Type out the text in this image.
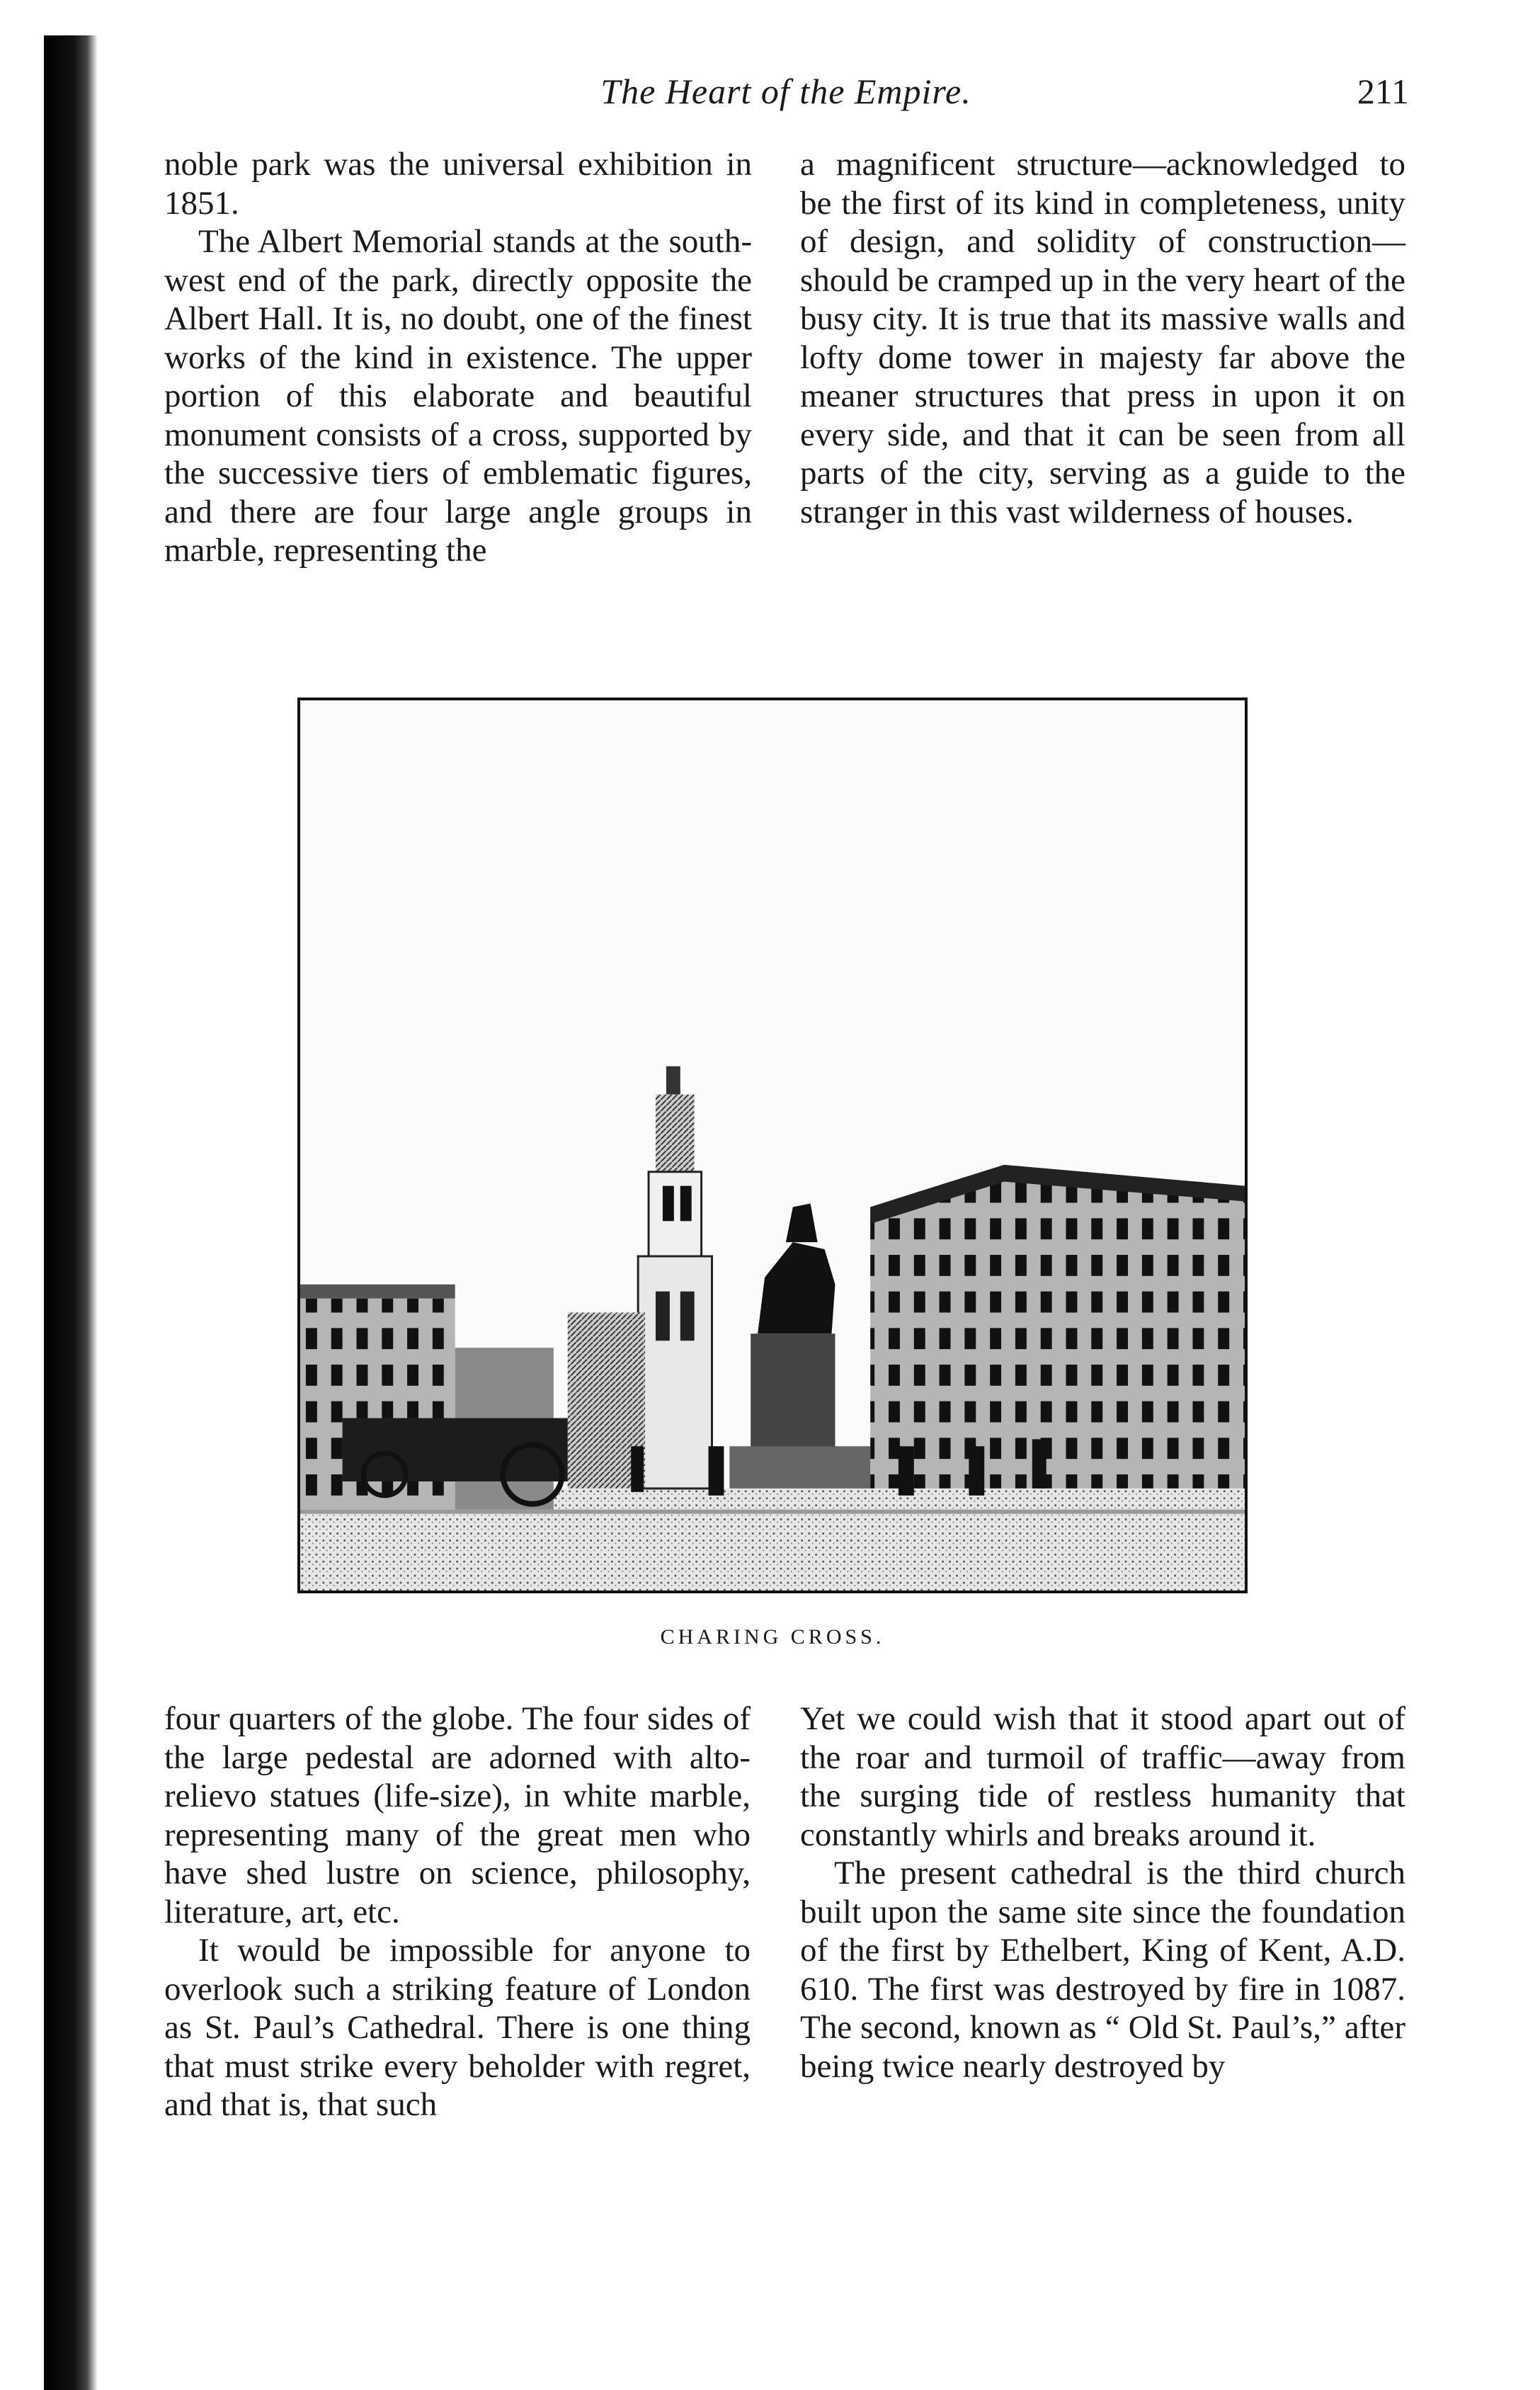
The Heart of the Empire.	211

noble park was the universal exhibition in 1851.

The Albert Memorial stands at the south-west end of the park, directly opposite the Albert Hall. It is, no doubt, one of the finest works of the kind in existence. The upper portion of this elaborate and beautiful monument consists of a cross, supported by the successive tiers of emblematic figures, and there are four large angle groups in marble, representing the

a magnificent structure—acknowledged to be the first of its kind in completeness, unity of design, and solidity of construction—should be cramped up in the very heart of the busy city. It is true that its massive walls and lofty dome tower in majesty far above the meaner structures that press in upon it on every side, and that it can be seen from all parts of the city, serving as a guide to the stranger in this vast wilderness of houses.

CHARING CROSS.

four quarters of the globe. The four sides of the large pedestal are adorned with alto-relievo statues (life-size), in white marble, representing many of the great men who have shed lustre on science, philosophy, literature, art, etc.

It would be impossible for anyone to overlook such a striking feature of London as St. Paul’s Cathedral. There is one thing that must strike every beholder with regret, and that is, that such

Yet we could wish that it stood apart out of the roar and turmoil of traffic—away from the surging tide of restless humanity that constantly whirls and breaks around it.

The present cathedral is the third church built upon the same site since the foundation of the first by Ethelbert, King of Kent, A.D. 610. The first was destroyed by fire in 1087. The second, known as “ Old St. Paul’s,” after being twice nearly destroyed by
